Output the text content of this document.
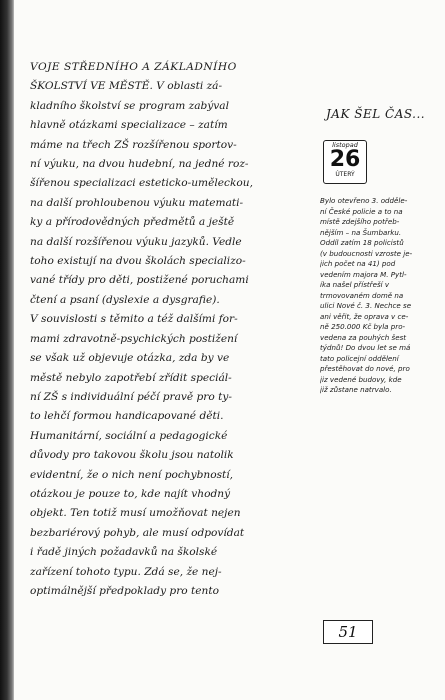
VOJE STŘEDNÍHO A ZÁKLADNÍHO
ŠKOLSTVÍ VE MĚSTĚ. V oblasti zá-
kladního školství se program zabýval
hlavně otázkami specializace – zatím
máme na třech ZŠ rozšířenou sportov-
ní výuku, na dvou hudební, na jedné roz-
šířenou specializaci esteticko-uměleckou,
na další prohloubenou výuku matemati-
ky a přírodovědných předmětů a ještě
na další rozšířenou výuku jazyků. Vedle
toho existují na dvou školách specializo-
vané třídy pro děti, postižené poruchami
čtení a psaní (dyslexie a dysgrafie).
V souvislosti s těmito a též dalšími for-
mami zdravotně-psychických postižení
se však už objevuje otázka, zda by ve
městě nebylo zapotřebí zřídit speciál-
ní ZŠ s individuální péčí pravě pro ty-
to lehčí formou handicapované děti.
Humanitární, sociální a pedagogické
důvody pro takovou školu jsou natolik
evidentní, že o nich není pochybností,
otázkou je pouze to, kde najít vhodný
objekt. Ten totiž musí umožňovat nejen
bezbariérový pohyb, ale musí odpovídat
i řadě jiných požadavků na školské
zařízení tohoto typu. Zdá se, že nej-
optimálnější předpoklady pro tento
JAK ŠEL ČAS...
listopad
26
ÚTERÝ
Bylo otevřeno 3. odděle-
ní České policie a to na
místě zdejšího potřeb-
nějším – na Šumbarku.
Oddíl zatím 18 policistů
(v budoucnosti vzroste je-
jich počet na 41) pod
vedením majora M. Pytl-
íka našel přístřeší v
trmovovaném domě na
ulici Nové č. 3. Nechce se
ani věřit, že oprava v ce-
ně 250.000 Kč byla pro-
vedena za pouhých šest
týdnů! Do dvou let se má
tato policejní oddělení
přestěhovat do nové, pro
jiz vedené budovy, kde
již zůstane natrvalo.
51
